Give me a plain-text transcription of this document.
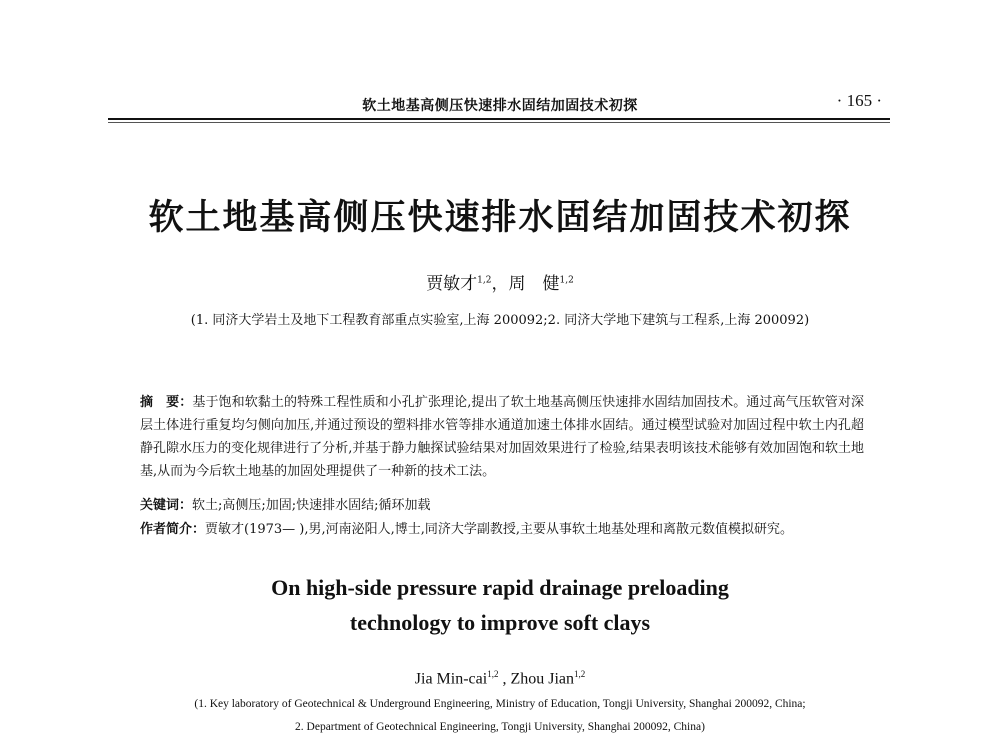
软土地基高侧压快速排水固结加固技术初探	· 165 ·
软土地基高侧压快速排水固结加固技术初探
贾敏才$^{1,2}$，周　健$^{1,2}$
(1. 同济大学岩土及地下工程教育部重点实验室,上海 200092;2. 同济大学地下建筑与工程系,上海 200092)
摘　要：基于饱和软黏土的特殊工程性质和小孔扩张理论,提出了软土地基高侧压快速排水固结加固技术。通过高气压软管对深层土体进行重复均匀侧向加压,并通过预设的塑料排水管等排水通道加速土体排水固结。通过模型试验对加固过程中软土内孔超静孔隙水压力的变化规律进行了分析,并基于静力触探试验结果对加固效果进行了检验,结果表明该技术能够有效加固饱和软土地基,从而为今后软土地基的加固处理提供了一种新的技术工法。
关键词：软土;高侧压;加固;快速排水固结;循环加载
作者简介：贾敏才(1973— ),男,河南泌阳人,博士,同济大学副教授,主要从事软土地基处理和离散元数值模拟研究。
On high-side pressure rapid drainage preloading
technology to improve soft clays
Jia Min-cai$^{1,2}$ , Zhou Jian$^{1,2}$
(1. Key laboratory of Geotechnical & Underground Engineering, Ministry of Education, Tongji University, Shanghai 200092, China;
2. Department of Geotechnical Engineering, Tongji University, Shanghai 200092, China)
